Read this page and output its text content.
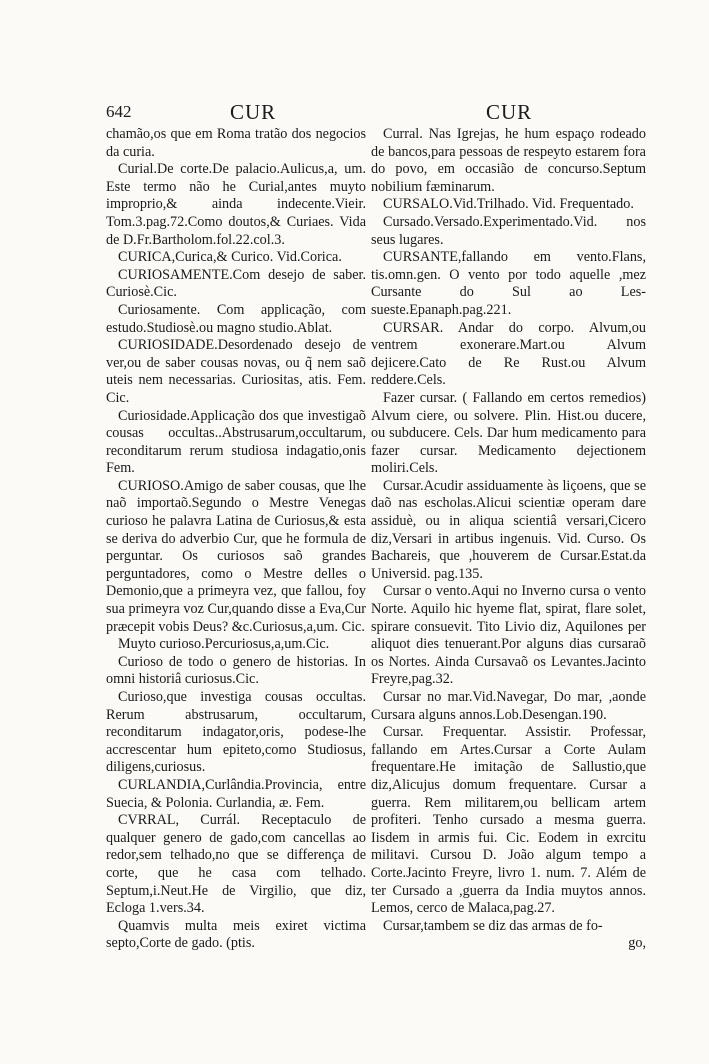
642	CUR	CUR

chamão,os que em Roma tratão dos negocios da curia.

Curial.De corte.De palacio.Aulicus,a, um. Este termo não he Curial,antes muyto improprio,& ainda indecente.Vieir. Tom.3.pag.72.Como doutos,& Curiaes. Vida de D.Fr.Bartholom.fol.22.col.3.

CURICA,Curica,& Curico. Vid.Corica.

CURIOSAMENTE.Com desejo de saber. Curiosè.Cic.

Curiosamente. Com applicação, com estudo.Studiosè.ou magno studio.Ablat.

CURIOSIDADE.Desordenado desejo de ver,ou de saber cousas novas, ou q̃ nem saõ uteis nem necessarias. Curiositas, atis. Fem. Cic.

Curiosidade.Applicação dos que investigaõ cousas occultas..Abstrusarum,occultarum, reconditarum rerum studiosa indagatio,onis Fem.

CURIOSO.Amigo de saber cousas, que lhe naõ importaõ.Segundo o Mestre Venegas curioso he palavra Latina de Curiosus,& esta se deriva do adverbio Cur, que he formula de perguntar. Os curiosos saõ grandes perguntadores, como o Mestre delles o Demonio,que a primeyra vez, que fallou, foy sua primeyra voz Cur,quando disse a Eva,Cur præcepit vobis Deus? &c.Curiosus,a,um. Cic.

Muyto curioso.Percuriosus,a,um.Cic.

Curioso de todo o genero de historias. In omni historiâ curiosus.Cic.

Curioso,que investiga cousas occultas. Rerum abstrusarum, occultarum, reconditarum indagator,oris, podese-lhe accrescentar hum epiteto,como Studiosus, diligens,curiosus.

CURLANDIA,Curlândia.Provincia, entre Suecia, & Polonia. Curlandia, æ. Fem.

CVRRAL, Currál. Receptaculo de qualquer genero de gado,com cancellas ao redor,sem telhado,no que se differença de corte, que he casa com telhado. Septum,i.Neut.He de Virgilio, que diz, Ecloga 1.vers.34.

Quamvis multa meis exiret victima septo,Corte de gado. (ptis.

Curral. Nas Igrejas, he hum espaço rodeado de bancos,para pessoas de respeyto estarem fora do povo, em occasião de concurso.Septum nobilium fæminarum.

CURSALO.Vid.Trilhado. Vid. Frequentado.

Cursado.Versado.Experimentado.Vid. nos seus lugares.

CURSANTE,fallando em vento.Flans, tis.omn.gen. O vento por todo aquelle ,mez Cursante do Sul ao Les-sueste.Epanaph.pag.221.

CURSAR. Andar do corpo. Alvum,ou ventrem exonerare.Mart.ou Alvum dejicere.Cato de Re Rust.ou Alvum reddere.Cels.

Fazer cursar. ( Fallando em certos remedios) Alvum ciere, ou solvere. Plin. Hist.ou ducere, ou subducere. Cels. Dar hum medicamento para fazer cursar. Medicamento dejectionem moliri.Cels.

Cursar.Acudir assiduamente às liçoens, que se daõ nas escholas.Alicui scientiæ operam dare assiduè, ou in aliqua scientiâ versari,Cicero diz,Versari in artibus ingenuis. Vid. Curso. Os Bachareis, que ,houverem de Cursar.Estat.da Universid. pag.135.

Cursar o vento.Aqui no Inverno cursa o vento Norte. Aquilo hic hyeme flat, spirat, flare solet, spirare consuevit. Tito Livio diz, Aquilones per aliquot dies tenuerant.Por alguns dias cursaraõ os Nortes. Ainda Cursavaõ os Levantes.Jacinto Freyre,pag.32.

Cursar no mar.Vid.Navegar, Do mar, ,aonde Cursara alguns annos.Lob.Desengan.190.

Cursar. Frequentar. Assistir. Professar, fallando em Artes.Cursar a Corte Aulam frequentare.He imitação de Sallustio,que diz,Alicujus domum frequentare. Cursar a guerra. Rem militarem,ou bellicam artem profiteri. Tenho cursado a mesma guerra. Iisdem in armis fui. Cic. Eodem in exrcitu militavi. Cursou D. João algum tempo a Corte.Jacinto Freyre, livro 1. num. 7. Além de ter Cursado a ,guerra da India muytos annos. Lemos, cerco de Malaca,pag.27.

Cursar,tambem se diz das armas de fo-

go,
